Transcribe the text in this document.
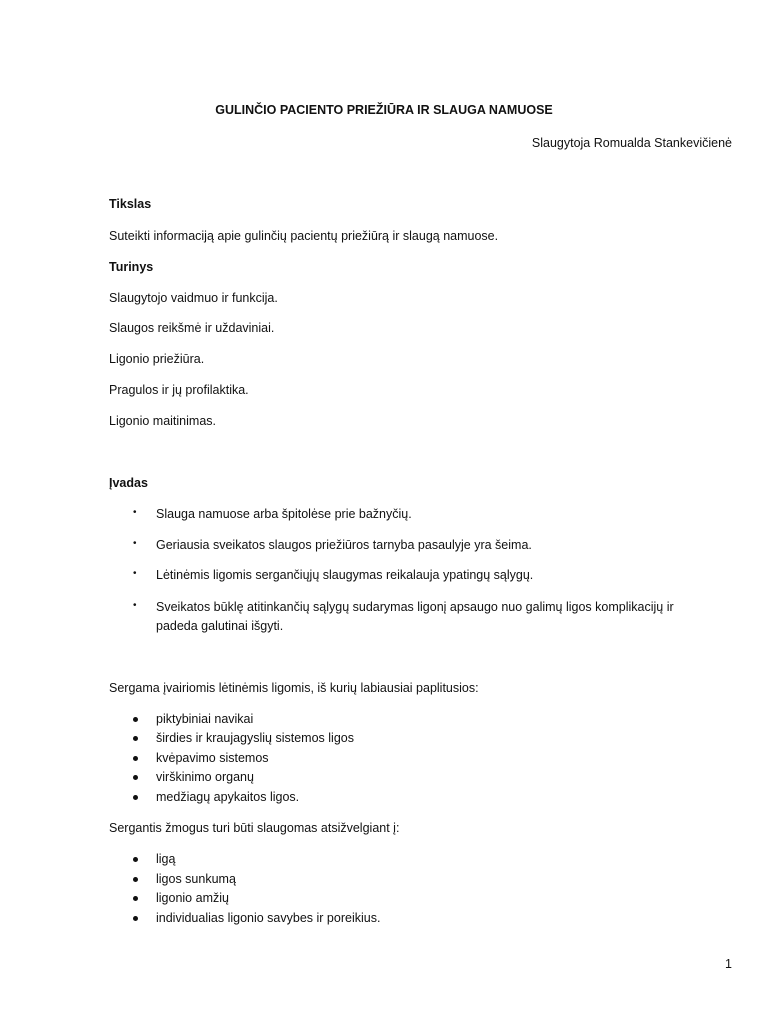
GULINČIO PACIENTO PRIEŽIŪRA IR SLAUGA NAMUOSE
Slaugytoja Romualda Stankevičienė
Tikslas
Suteikti informaciją apie gulinčių pacientų priežiūrą ir slaugą namuose.
Turinys
Slaugytojo vaidmuo ir funkcija.
Slaugos reikšmė ir uždaviniai.
Ligonio priežiūra.
Pragulos ir jų profilaktika.
Ligonio maitinimas.
Įvadas
• Slauga namuose arba špitolėse prie bažnyčių.
• Geriausia sveikatos slaugos priežiūros tarnyba pasaulyje yra šeima.
• Lėtinėmis ligomis sergančiųjų slaugymas reikalauja ypatingų sąlygų.
• Sveikatos būklę atitinkančių sąlygų sudarymas ligonį apsaugo nuo galimų ligos komplikacijų ir
padeda galutinai išgyti.
Sergama įvairiomis lėtinėmis ligomis, iš kurių labiausiai paplitusios:
piktybiniai navikai
širdies ir kraujagyslių sistemos ligos
kvėpavimo sistemos
virškinimo organų
medžiagų apykaitos ligos.
Sergantis žmogus turi būti slaugomas atsižvelgiant į:
ligą
ligos sunkumą
ligonio amžių
individualias ligonio savybes ir poreikius.
1
